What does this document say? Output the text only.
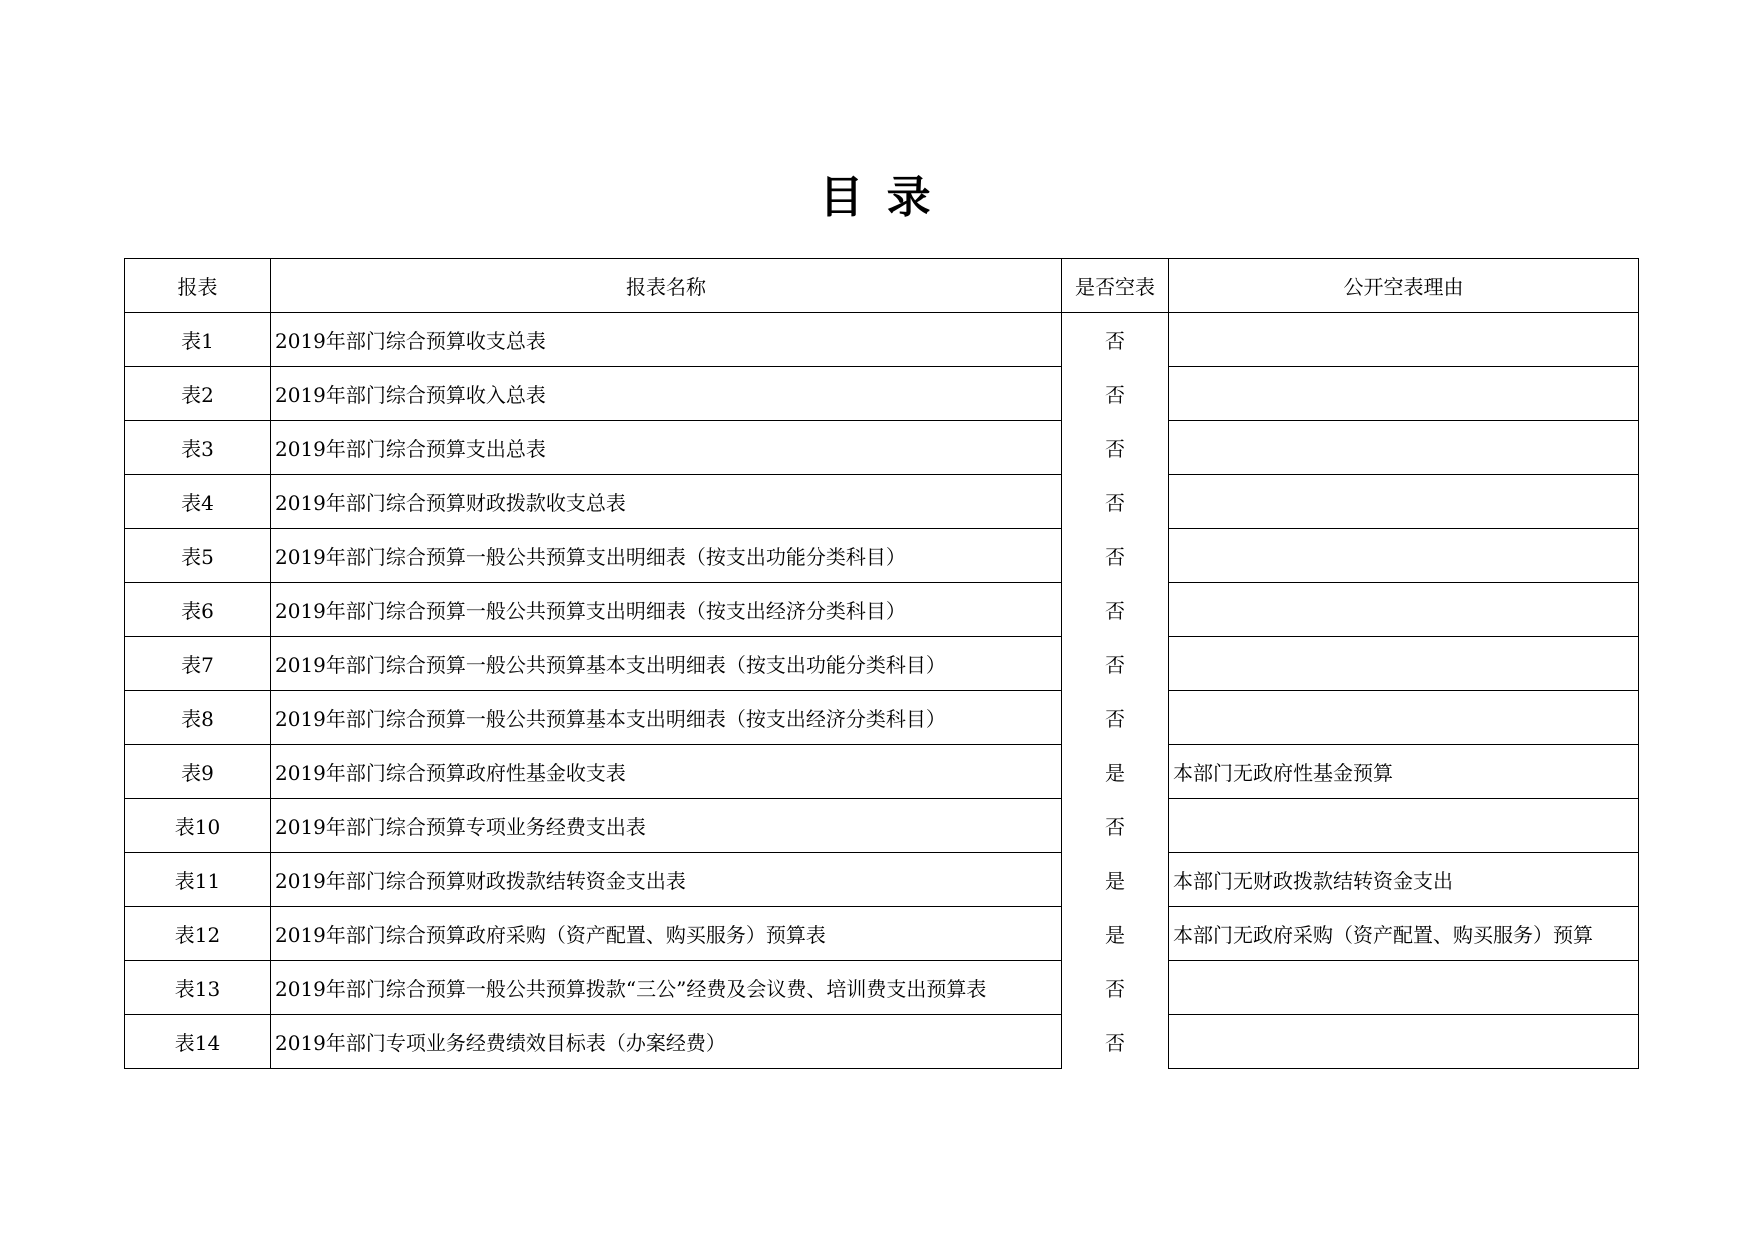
目 录
报表	报表名称	是否空表	公开空表理由
表1	2019年部门综合预算收支总表	否	
表2	2019年部门综合预算收入总表	否	
表3	2019年部门综合预算支出总表	否	
表4	2019年部门综合预算财政拨款收支总表	否	
表5	2019年部门综合预算一般公共预算支出明细表（按支出功能分类科目）	否	
表6	2019年部门综合预算一般公共预算支出明细表（按支出经济分类科目）	否	
表7	2019年部门综合预算一般公共预算基本支出明细表（按支出功能分类科目）	否	
表8	2019年部门综合预算一般公共预算基本支出明细表（按支出经济分类科目）	否	
表9	2019年部门综合预算政府性基金收支表	是	本部门无政府性基金预算
表10	2019年部门综合预算专项业务经费支出表	否	
表11	2019年部门综合预算财政拨款结转资金支出表	是	本部门无财政拨款结转资金支出
表12	2019年部门综合预算政府采购（资产配置、购买服务）预算表	是	本部门无政府采购（资产配置、购买服务）预算
表13	2019年部门综合预算一般公共预算拨款“三公”经费及会议费、培训费支出预算表	否	
表14	2019年部门专项业务经费绩效目标表（办案经费）	否	
